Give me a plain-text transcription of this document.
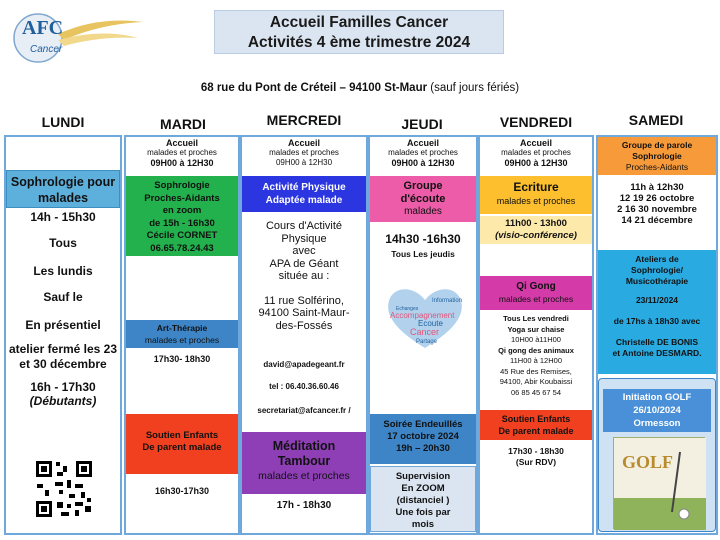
AFC
Cancer
Accueil Familles Cancer
Activités 4 ème trimestre 2024
68 rue du Pont de Créteil – 94100 St-Maur (sauf jours fériés)
LUNDI	MARDI	MERCREDI	JEUDI	VENDREDI	SAMEDI
Sophrologie pour malades
14h - 15h30
Tous
Les lundis
Sauf le
En présentiel
atelier fermé les 23 et 30 décembre
16h - 17h30
(Débutants)
Accueil
malades et proches
09H00 à 12H30
Sophrologie
Proches-Aidants
en zoom
de 15h - 16h30
Cécile CORNET
06.65.78.24.43
Art-Thérapie
malades et proches
17h30- 18h30
Soutien Enfants
De parent malade
16h30-17h30
Accueil
malades et proches
09H00 à 12H30
Activité Physique
Adaptée malade
Cours d'Activité
Physique
avec
APA de Géant
située au :
11 rue Solférino,
94100 Saint-Maur-
des-Fossés
david@apadegeant.fr
tel : 06.40.36.60.46
secretariat@afcancer.fr /
Méditation
Tambour
malades et proches
17h - 18h30
Accueil
malades et proches
09H00 à 12H30
Groupe
d'écoute
malades
14h30 -16h30
Tous Les jeudis
Information
Echanges
Accompagnement
Ecoute
Cancer
Partage
Soirée Endeuillés
17 octobre 2024
19h – 20h30
Supervision
En ZOOM
(distanciel )
Une fois par
mois
Accueil
malades et proches
09H00 à 12H30
Ecriture
malades et proches
11h00 - 13h00
(visio-conférence)
Qi Gong
malades et proches
Tous Les vendredi
Yoga sur chaise
10H00 à11H00
Qi gong des animaux
11H00 à 12H00
45 Rue des Remises,
94100, Abir Koubaissi
06 85 45 67 54
Soutien Enfants
De parent malade
17h30 - 18h30
(Sur RDV)
Groupe de parole
Sophrologie
Proches-Aidants
11h à 12h30
12 19 26 octobre
2 16 30 novembre
14 21 décembre
Ateliers de
Sophrologie/
Musicothérapie
23/11/2024
de 17hs à 18h30 avec
Christelle DE BONIS
et Antoine DESMARD.
Initiation GOLF
26/10/2024
Ormesson
GOLF
